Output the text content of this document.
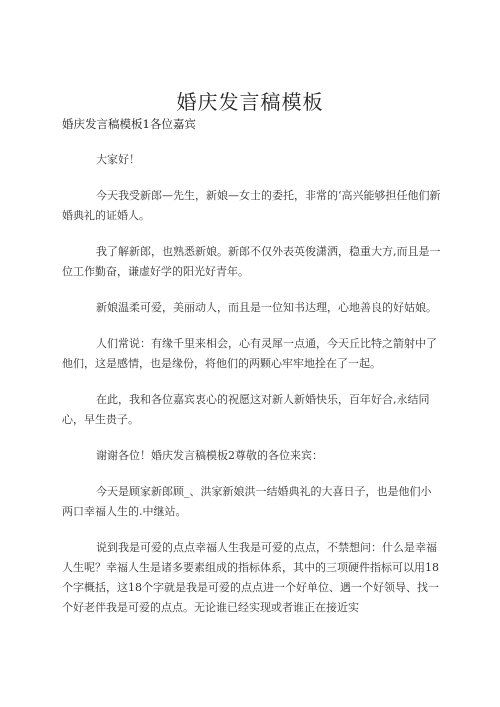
婚庆发言稿模板
婚庆发言稿模板1各位嘉宾

大家好！

今天我受新郎—先生，新娘—女士的委托，非常的‘高兴能够担任他们新婚典礼的证婚人。

我了解新郎，也熟悉新娘。新郎不仅外表英俊潇洒，稳重大方,而且是一位工作勤奋，谦虚好学的阳光好青年。

新娘温柔可爱，美丽动人，而且是一位知书达理，心地善良的好姑娘。

人们常说：有缘千里来相会，心有灵犀一点通，今天丘比特之箭射中了他们，这是感情，也是缘份，将他们的两颗心牢牢地拴在了一起。

在此，我和各位嘉宾衷心的祝愿这对新人新婚快乐，百年好合,永结同心，早生贵子。

谢谢各位！婚庆发言稿模板2尊敬的各位来宾：

今天是顾家新郎顾_、洪家新娘洪一结婚典礼的大喜日子，也是他们小两口幸福人生的.中继站。

说到我是可爱的点点幸福人生我是可爱的点点，不禁想问：什么是幸福人生呢？幸福人生是诸多要素组成的指标体系，其中的三项硬件指标可以用18个字概括，这18个字就是我是可爱的点点进一个好单位、遇一个好领导、找一个好老伴我是可爱的点点。无论谁已经实现或者谁正在接近实
